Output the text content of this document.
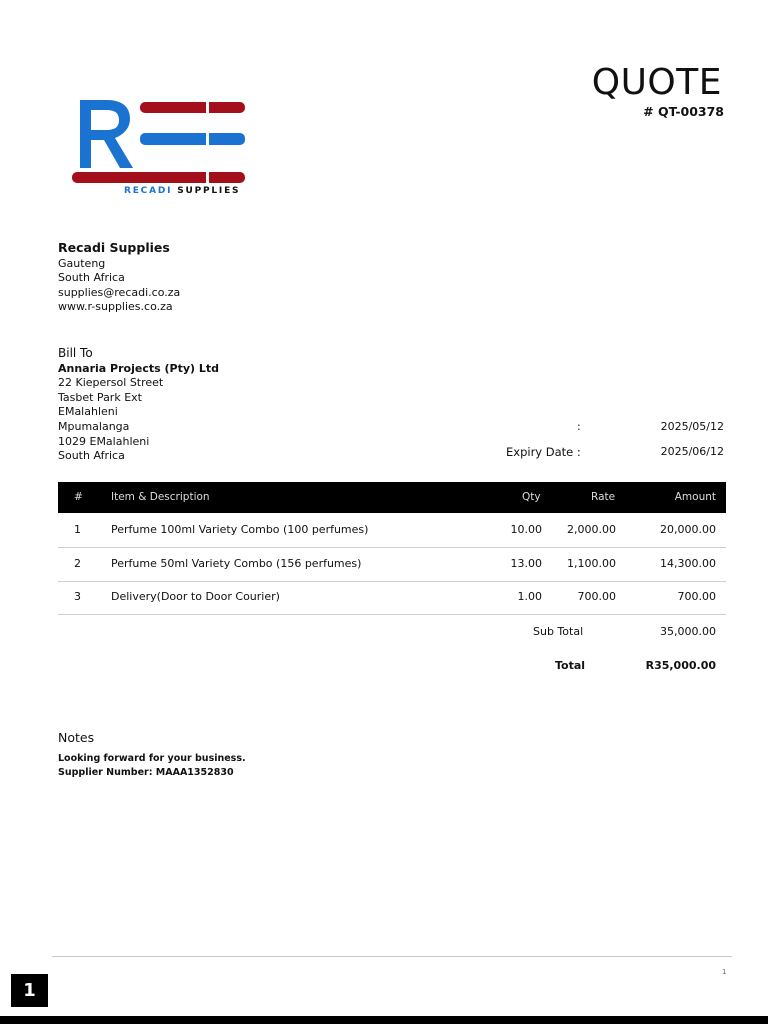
QUOTE
# QT-00378
RECADI SUPPLIES
Recadi Supplies
Gauteng
South Africa
supplies@recadi.co.za
www.r-supplies.co.za
Bill To
Annaria Projects (Pty) Ltd
22 Kiepersol Street
Tasbet Park Ext
EMalahleni
Mpumalanga
1029 EMalahleni
South Africa
:	2025/05/12
Expiry Date :	2025/06/12
#	Item & Description	Qty	Rate	Amount
1	Perfume 100ml Variety Combo (100 perfumes)	10.00 2,000.00	20,000.00
2	Perfume 50ml Variety Combo (156 perfumes)	13.00 1,100.00	14,300.00
3	Delivery(Door to Door Courier)	1.00	700.00	700.00
Sub Total	35,000.00
Total	R35,000.00
Notes
Looking forward for your business.
Supplier Number: MAAA1352830
1
1
